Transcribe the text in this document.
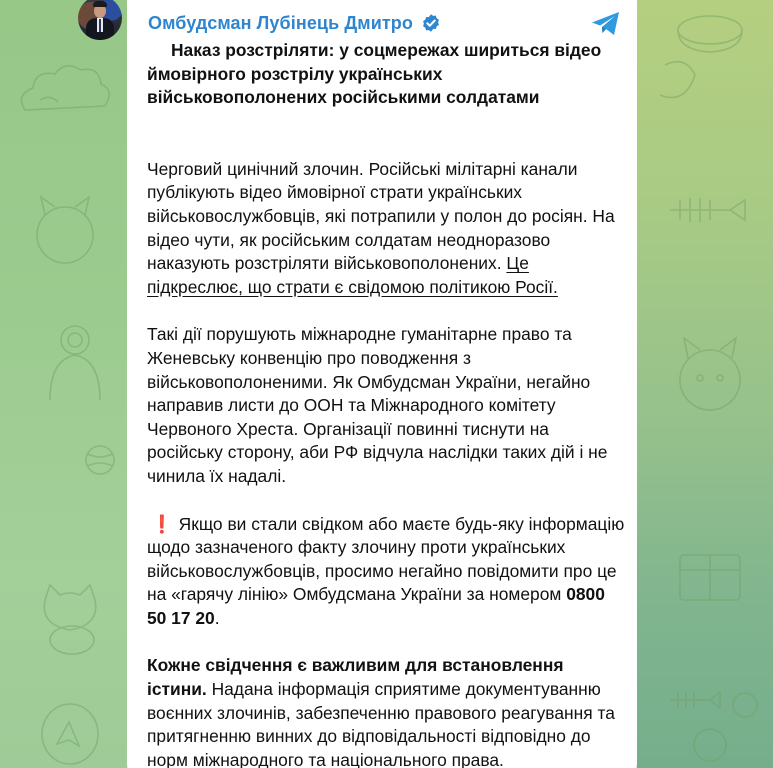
Омбудсман Лубінець Дмитро

Наказ розстріляти: у соцмережах шириться відео ймовірного розстрілу українських військовополонених російськими солдатами

Черговий цинічний злочин. Російські мілітарні канали публікують відео ймовірної страти українських військовослужбовців, які потрапили у полон до росіян. На відео чути, як російським солдатам неодноразово наказують розстріляти військовополонених. Це підкреслює, що страти є свідомою політикою Росії.

Такі дії порушують міжнародне гуманітарне право та Женевську конвенцію про поводження з військовополоненими. Як Омбудсман України, негайно направив листи до ООН та Міжнародного комітету Червоного Хреста. Організації повинні тиснути на російську сторону, аби РФ відчула наслідки таких дій і не чинила їх надалі.

❗ Якщо ви стали свідком або маєте будь-яку інформацію щодо зазначеного факту злочину проти українських військовослужбовців, просимо негайно повідомити про це на «гарячу лінію» Омбудсмана України за номером 0800 50 17 20.

Кожне свідчення є важливим для встановлення істини. Надана інформація сприятиме документуванню воєнних злочинів, забезпеченню правового реагування та притягненню винних до відповідальності відповідно до норм міжнародного та національного права.
